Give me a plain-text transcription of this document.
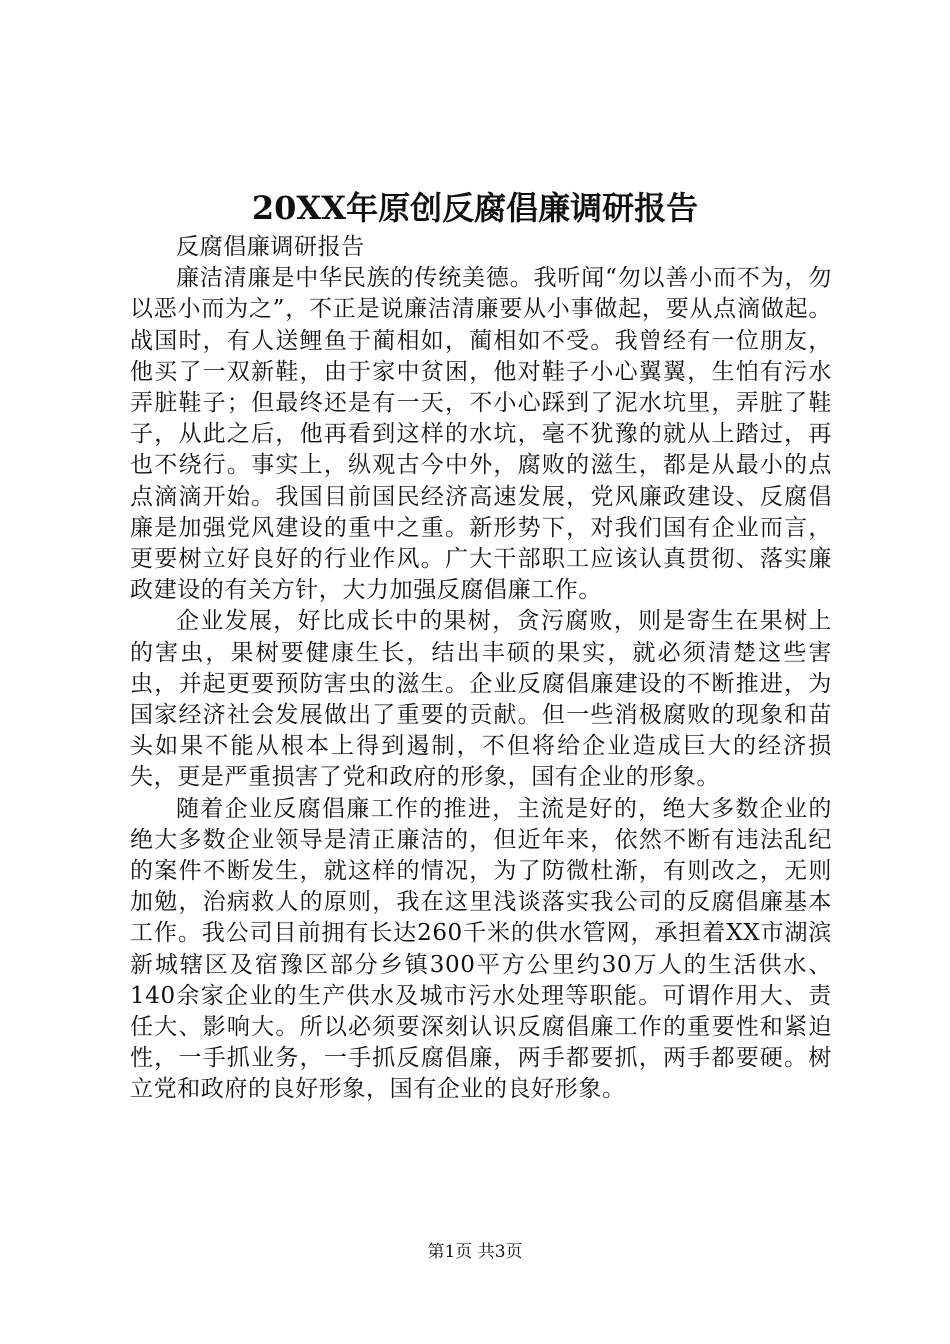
20XX年原创反腐倡廉调研报告

反腐倡廉调研报告

廉洁清廉是中华民族的传统美德。我听闻“勿以善小而不为，勿以恶小而为之”，不正是说廉洁清廉要从小事做起，要从点滴做起。战国时，有人送鲤鱼于蔺相如，蔺相如不受。我曾经有一位朋友，他买了一双新鞋，由于家中贫困，他对鞋子小心翼翼，生怕有污水弄脏鞋子；但最终还是有一天，不小心踩到了泥水坑里，弄脏了鞋子，从此之后，他再看到这样的水坑，毫不犹豫的就从上踏过，再也不绕行。事实上，纵观古今中外，腐败的滋生，都是从最小的点点滴滴开始。我国目前国民经济高速发展，党风廉政建设、反腐倡廉是加强党风建设的重中之重。新形势下，对我们国有企业而言，更要树立好良好的行业作风。广大干部职工应该认真贯彻、落实廉政建设的有关方针，大力加强反腐倡廉工作。

企业发展，好比成长中的果树，贪污腐败，则是寄生在果树上的害虫，果树要健康生长，结出丰硕的果实，就必须清楚这些害虫，并起更要预防害虫的滋生。企业反腐倡廉建设的不断推进，为国家经济社会发展做出了重要的贡献。但一些消极腐败的现象和苗头如果不能从根本上得到遏制，不但将给企业造成巨大的经济损失，更是严重损害了党和政府的形象，国有企业的形象。

随着企业反腐倡廉工作的推进，主流是好的，绝大多数企业的绝大多数企业领导是清正廉洁的，但近年来，依然不断有违法乱纪的案件不断发生，就这样的情况，为了防微杜渐，有则改之，无则加勉，治病救人的原则，我在这里浅谈落实我公司的反腐倡廉基本工作。我公司目前拥有长达260千米的供水管网，承担着XX市湖滨新城辖区及宿豫区部分乡镇300平方公里约30万人的生活供水、140余家企业的生产供水及城市污水处理等职能。可谓作用大、责任大、影响大。所以必须要深刻认识反腐倡廉工作的重要性和紧迫性，一手抓业务，一手抓反腐倡廉，两手都要抓，两手都要硬。树立党和政府的良好形象，国有企业的良好形象。

第1页 共3页
